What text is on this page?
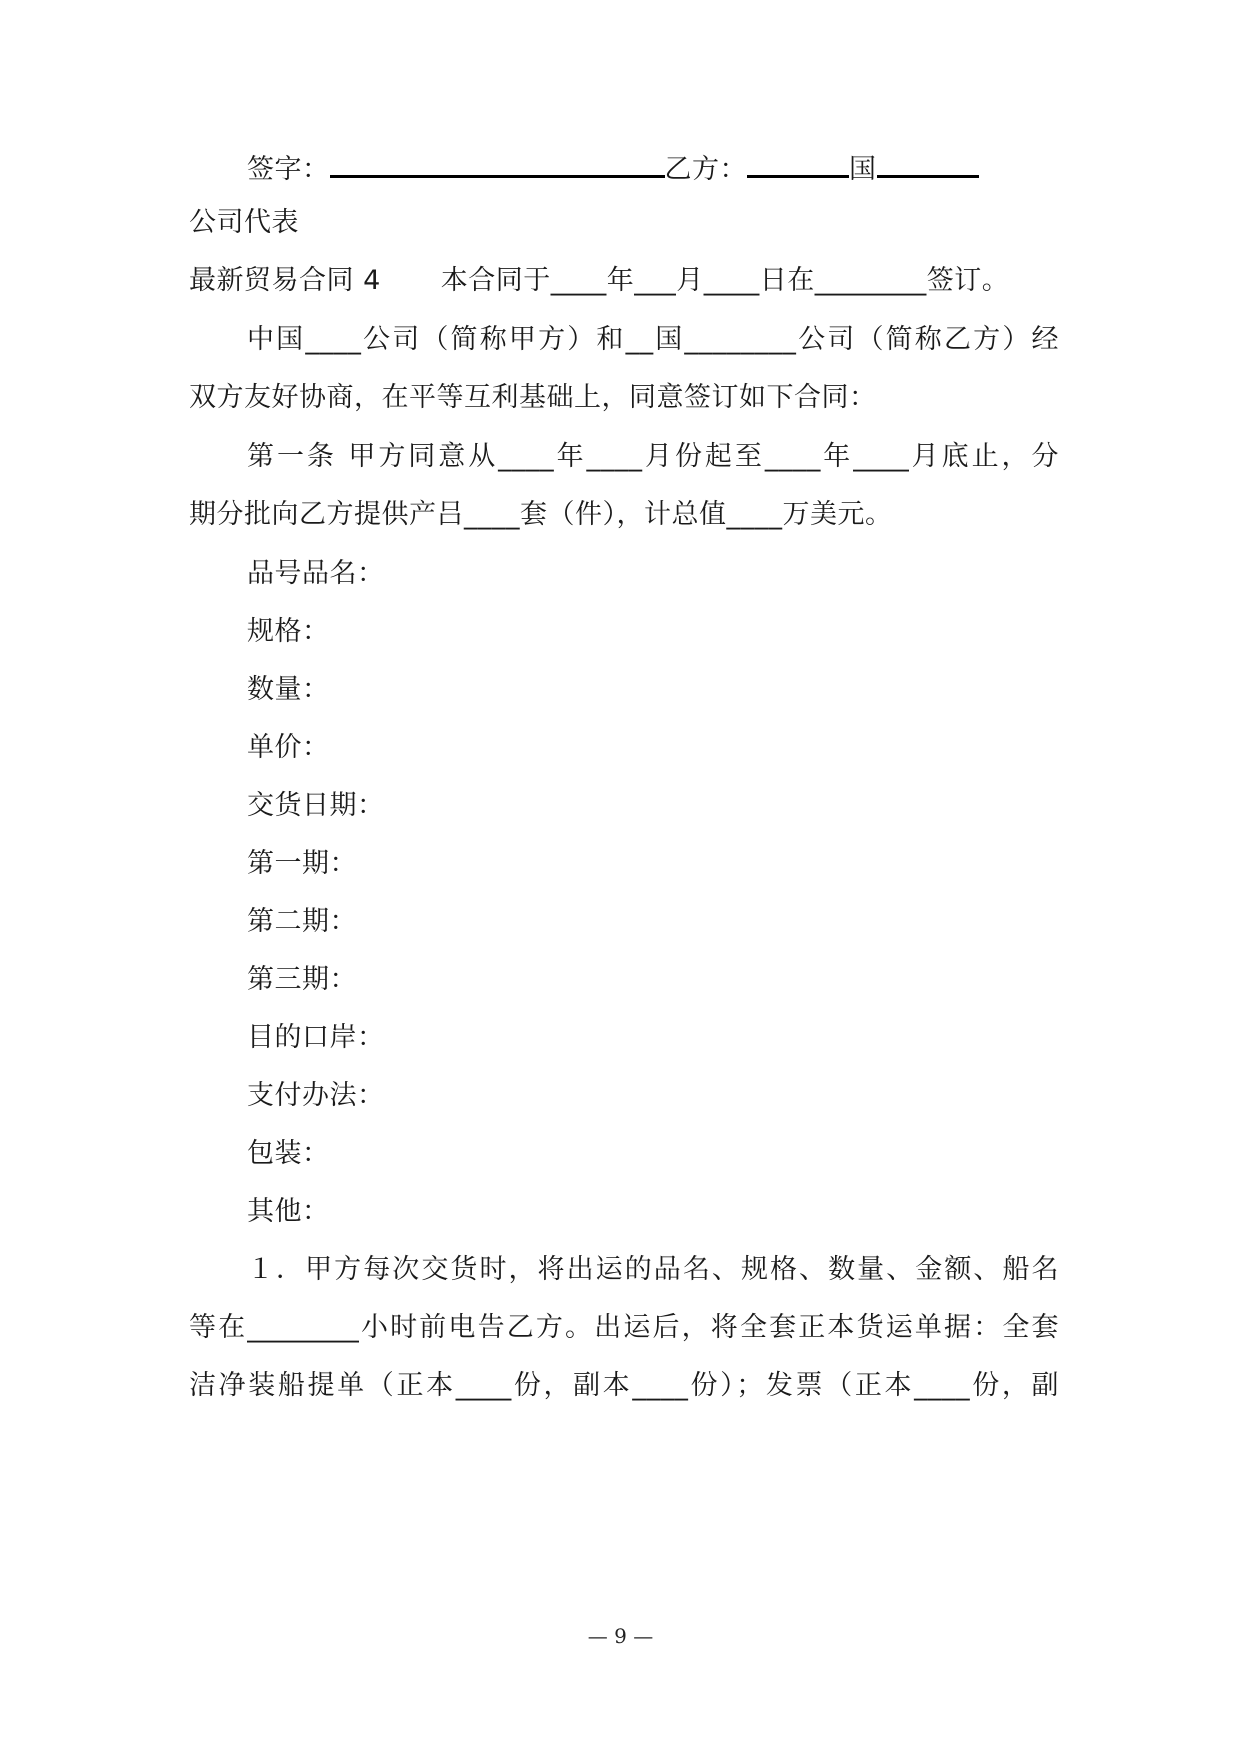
签字：	乙方：	国
公司代表
最新贸易合同 4 本合同于____年___月____日在________签订。
中国____公司（简称甲方）和__国________公司（简称乙方）经
双方友好协商，在平等互利基础上，同意签订如下合同：
第一条 甲方同意从____年____月份起至____年____月底止，分
期分批向乙方提供产吕____套（件），计总值____万美元。
品号品名：
规格：
数量：
单价：
交货日期：
第一期：
第二期：
第三期：
目的口岸：
支付办法：
包装：
其他：
１．甲方每次交货时，将出运的品名、规格、数量、金额、船名
等在________小时前电告乙方。出运后，将全套正本货运单据：全套
洁净装船提单（正本____份，副本____份）；发票（正本____份，副
— 9 —
